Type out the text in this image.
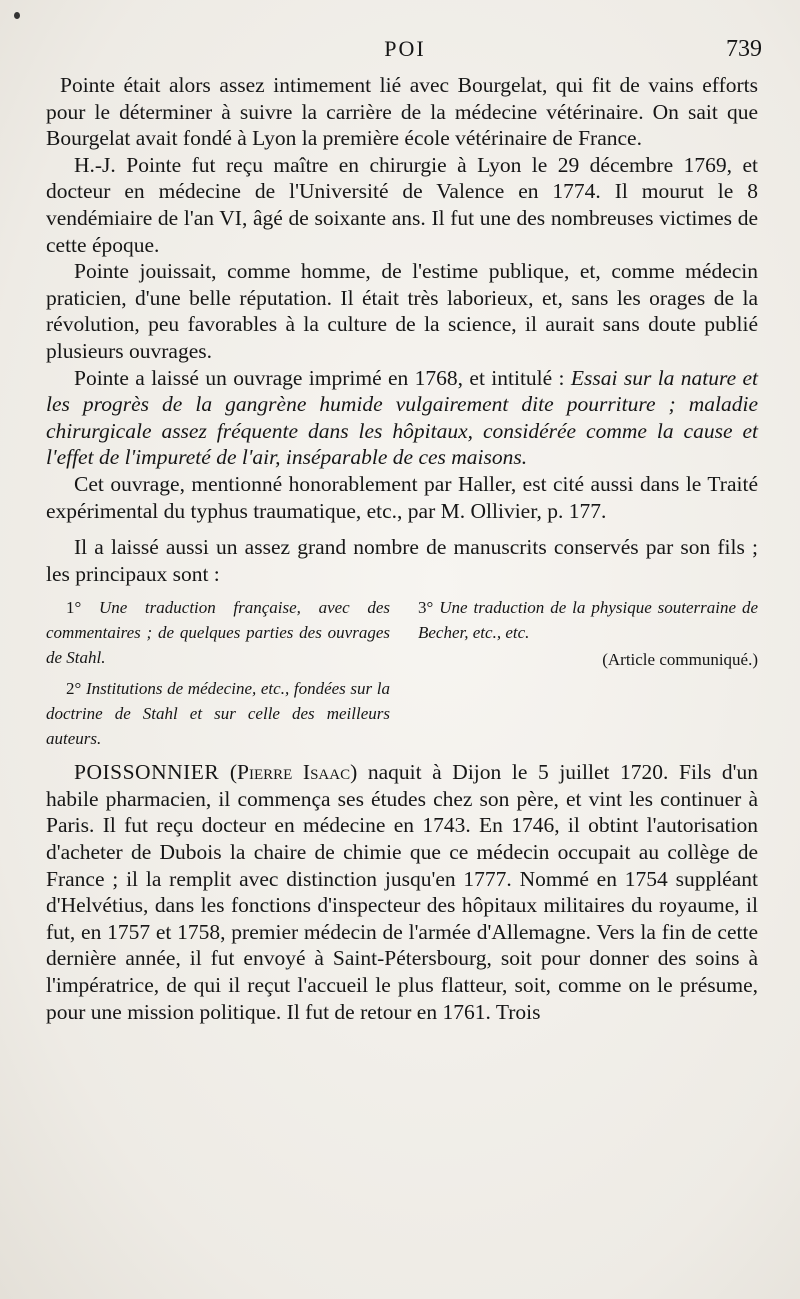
POI	739

Pointe était alors assez intimement lié avec Bourgelat, qui fit de vains efforts pour le déterminer à suivre la carrière de la médecine vétérinaire. On sait que Bourgelat avait fondé à Lyon la première école vétérinaire de France.

H.-J. Pointe fut reçu maître en chirurgie à Lyon le 29 décembre 1769, et docteur en médecine de l'Université de Valence en 1774. Il mourut le 8 vendémiaire de l'an VI, âgé de soixante ans. Il fut une des nombreuses victimes de cette époque.

Pointe jouissait, comme homme, de l'estime publique, et, comme médecin praticien, d'une belle réputation. Il était très laborieux, et, sans les orages de la révolution, peu favorables à la culture de la science, il aurait sans doute publié plusieurs ouvrages.

Pointe a laissé un ouvrage imprimé en 1768, et intitulé : Essai sur la nature et les progrès de la gangrène humide vulgairement dite pourriture ; maladie chirurgicale assez fréquente dans les hôpitaux, considérée comme la cause et l'effet de l'impureté de l'air, inséparable de ces maisons.

Cet ouvrage, mentionné honorablement par Haller, est cité aussi dans le Traité expérimental du typhus traumatique, etc., par M. Ollivier, p. 177.

Il a laissé aussi un assez grand nombre de manuscrits conservés par son fils ; les principaux sont :

1° Une traduction française, avec des commentaires ; de quelques parties des ouvrages de Stahl.
2° Institutions de médecine, etc., fondées sur la doctrine de Stahl et sur celle des meilleurs auteurs.
3° Une traduction de la physique souterraine de Becher, etc., etc.
(Article communiqué.)

POISSONNIER (Pierre Isaac) naquit à Dijon le 5 juillet 1720. Fils d'un habile pharmacien, il commença ses études chez son père, et vint les continuer à Paris. Il fut reçu docteur en médecine en 1743. En 1746, il obtint l'autorisation d'acheter de Dubois la chaire de chimie que ce médecin occupait au collège de France ; il la remplit avec distinction jusqu'en 1777. Nommé en 1754 suppléant d'Helvétius, dans les fonctions d'inspecteur des hôpitaux militaires du royaume, il fut, en 1757 et 1758, premier médecin de l'armée d'Allemagne. Vers la fin de cette dernière année, il fut envoyé à Saint-Pétersbourg, soit pour donner des soins à l'impératrice, de qui il reçut l'accueil le plus flatteur, soit, comme on le présume, pour une mission politique. Il fut de retour en 1761. Trois
